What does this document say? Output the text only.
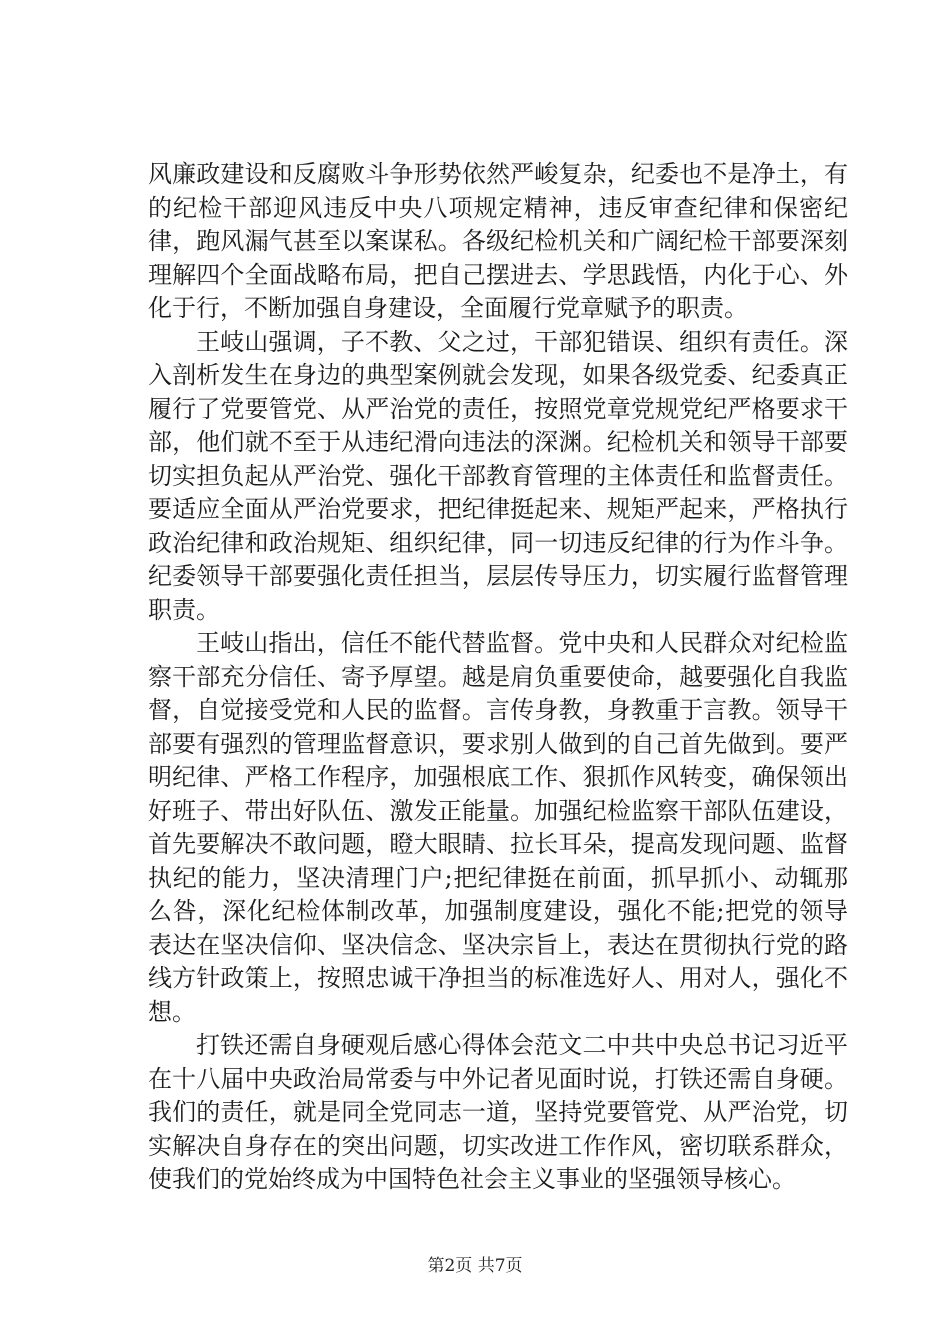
风廉政建设和反腐败斗争形势依然严峻复杂，纪委也不是净土，有的纪检干部迎风违反中央八项规定精神，违反审查纪律和保密纪律，跑风漏气甚至以案谋私。各级纪检机关和广阔纪检干部要深刻理解四个全面战略布局，把自己摆进去、学思践悟，内化于心、外化于行，不断加强自身建设，全面履行党章赋予的职责。

王岐山强调，子不教、父之过，干部犯错误、组织有责任。深入剖析发生在身边的典型案例就会发现，如果各级党委、纪委真正履行了党要管党、从严治党的责任，按照党章党规党纪严格要求干部，他们就不至于从违纪滑向违法的深渊。纪检机关和领导干部要切实担负起从严治党、强化干部教育管理的主体责任和监督责任。要适应全面从严治党要求，把纪律挺起来、规矩严起来，严格执行政治纪律和政治规矩、组织纪律，同一切违反纪律的行为作斗争。纪委领导干部要强化责任担当，层层传导压力，切实履行监督管理职责。

王岐山指出，信任不能代替监督。党中央和人民群众对纪检监察干部充分信任、寄予厚望。越是肩负重要使命，越要强化自我监督，自觉接受党和人民的监督。言传身教，身教重于言教。领导干部要有强烈的管理监督意识，要求别人做到的自己首先做到。要严明纪律、严格工作程序，加强根底工作、狠抓作风转变，确保领出好班子、带出好队伍、激发正能量。加强纪检监察干部队伍建设，首先要解决不敢问题，瞪大眼睛、拉长耳朵，提高发现问题、监督执纪的能力，坚决清理门户;把纪律挺在前面，抓早抓小、动辄那么咎，深化纪检体制改革，加强制度建设，强化不能;把党的领导表达在坚决信仰、坚决信念、坚决宗旨上，表达在贯彻执行党的路线方针政策上，按照忠诚干净担当的标准选好人、用对人，强化不想。

打铁还需自身硬观后感心得体会范文二中共中央总书记习近平在十八届中央政治局常委与中外记者见面时说，打铁还需自身硬。我们的责任，就是同全党同志一道，坚持党要管党、从严治党，切实解决自身存在的突出问题，切实改进工作作风，密切联系群众，使我们的党始终成为中国特色社会主义事业的坚强领导核心。

第2页 共7页
